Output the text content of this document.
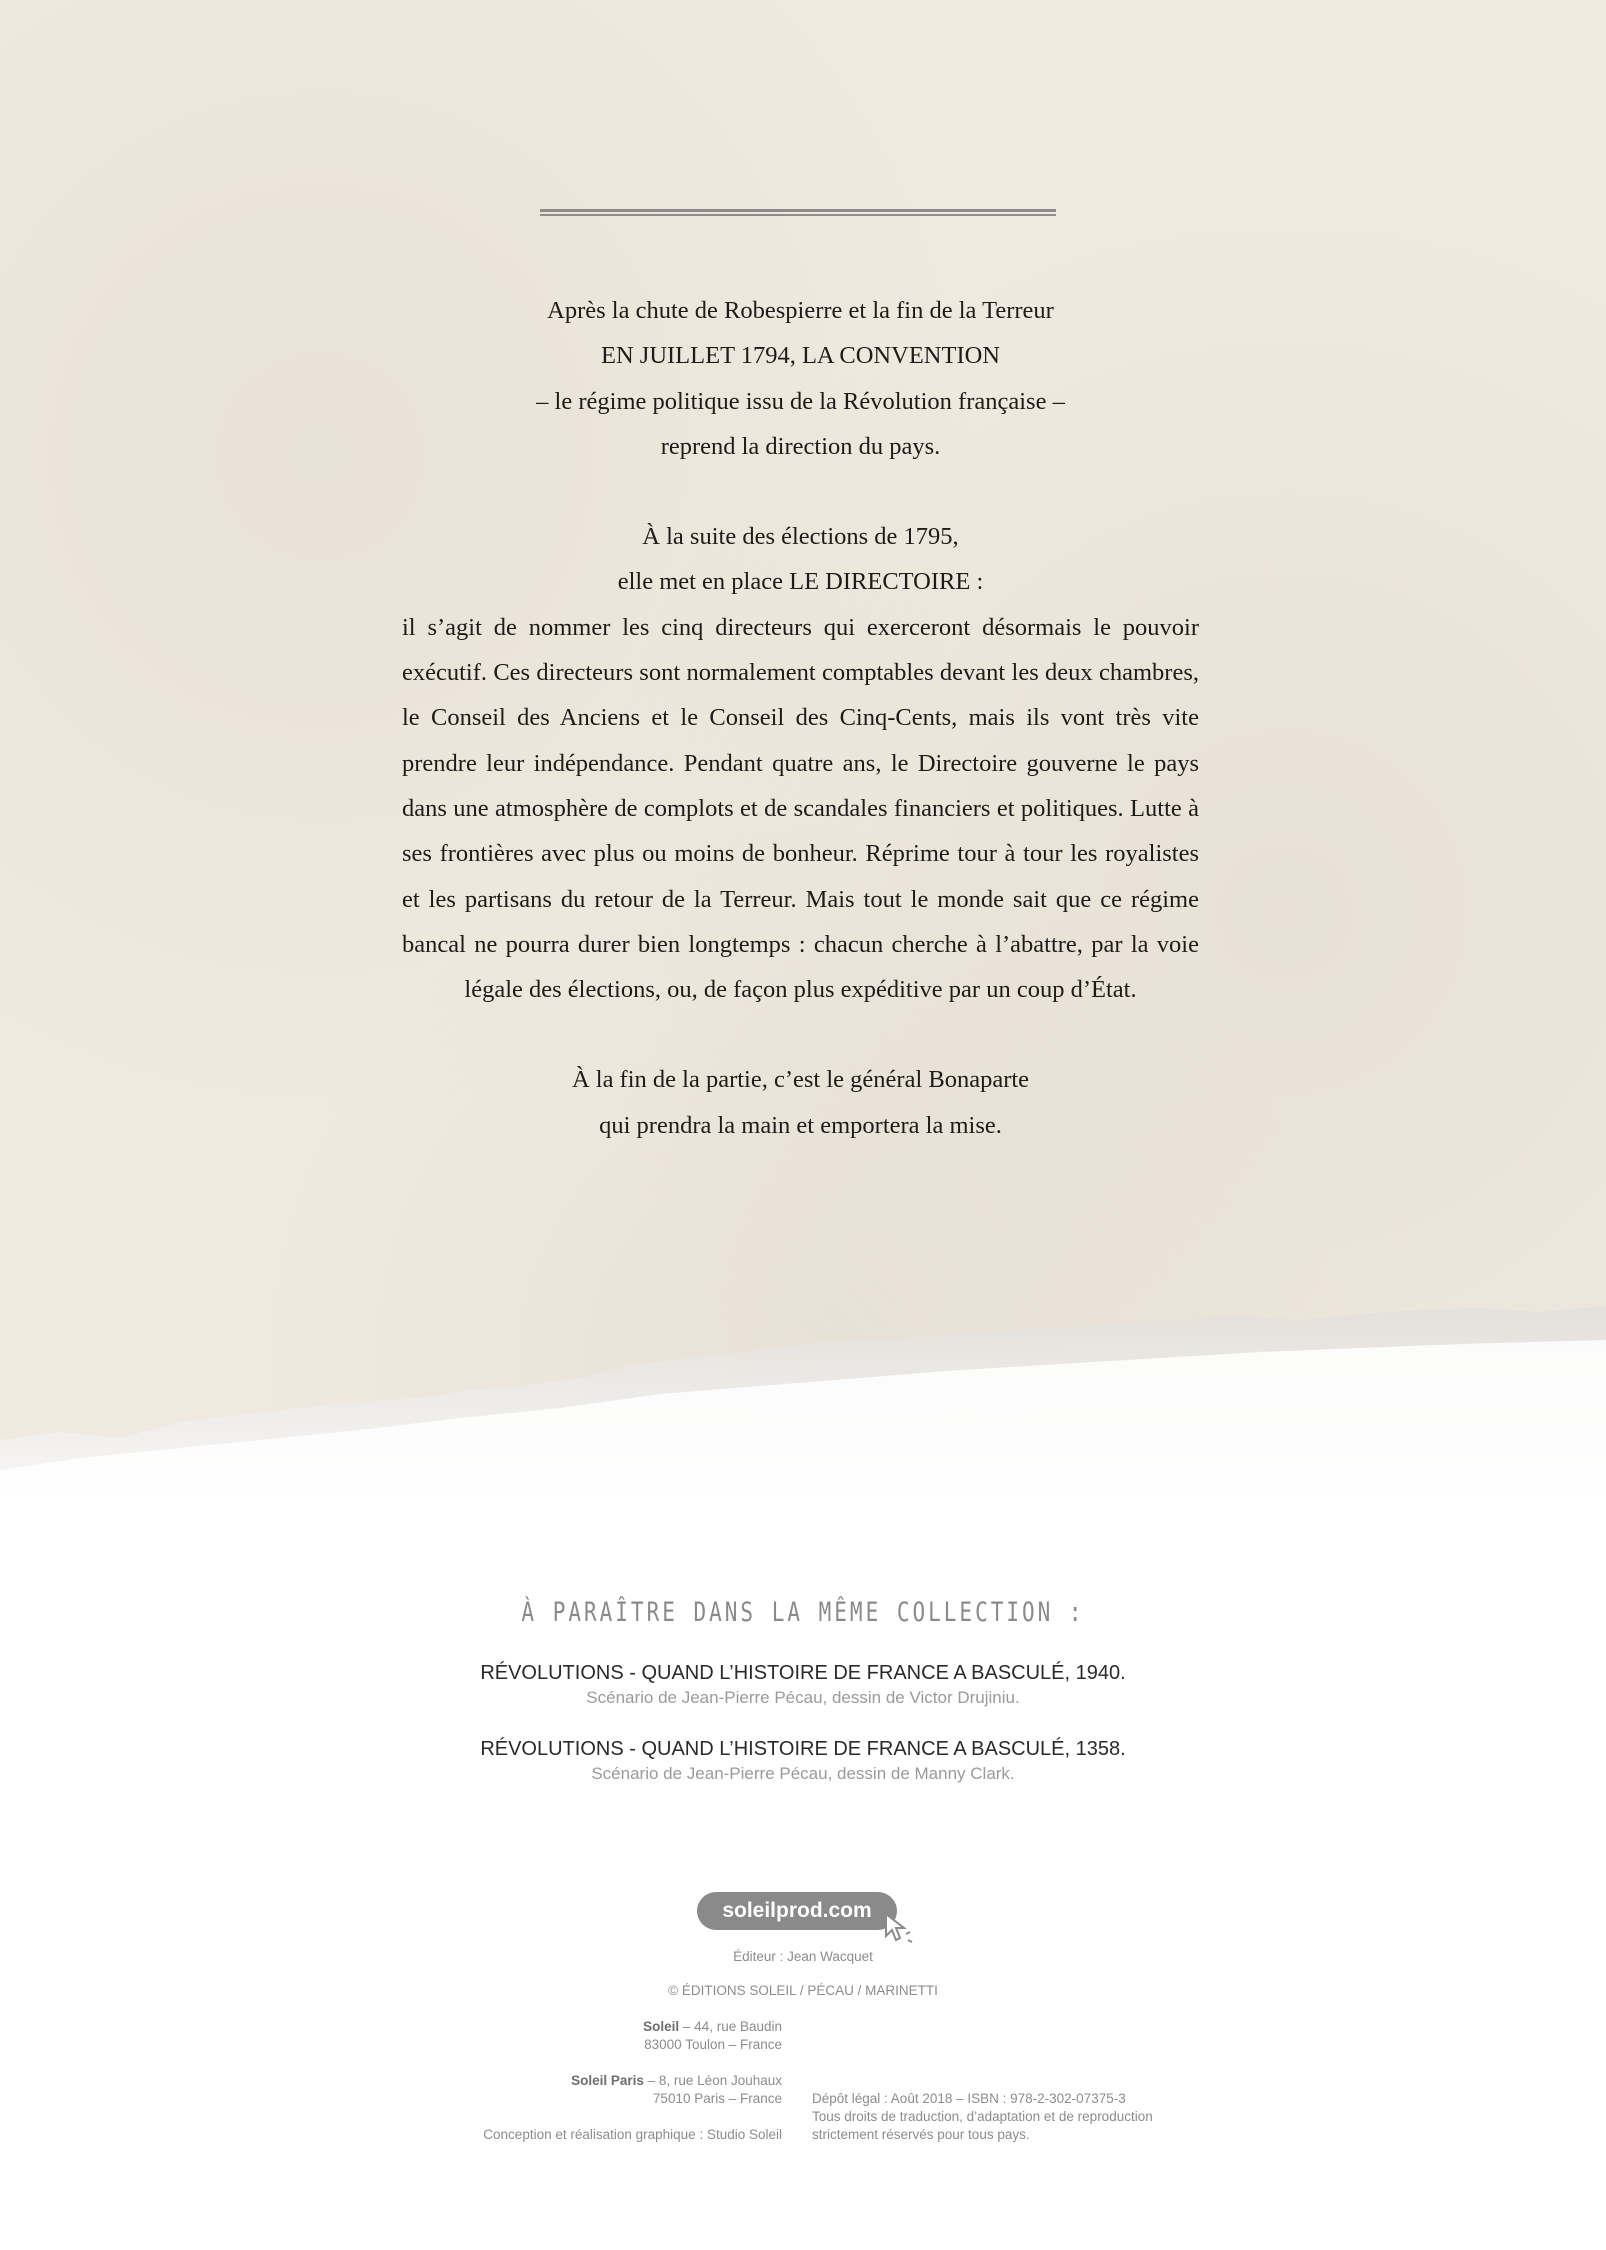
Après la chute de Robespierre et la fin de la Terreur

EN JUILLET 1794, LA CONVENTION

– le régime politique issu de la Révolution française –

reprend la direction du pays.

À la suite des élections de 1795,

elle met en place LE DIRECTOIRE :

il s’agit de nommer les cinq directeurs qui exerceront désormais le pouvoir exécutif. Ces directeurs sont normalement comptables devant les deux chambres, le Conseil des Anciens et le Conseil des Cinq-Cents, mais ils vont très vite prendre leur indépendance. Pendant quatre ans, le Directoire gouverne le pays dans une atmosphère de complots et de scandales financiers et politiques. Lutte à ses frontières avec plus ou moins de bonheur. Réprime tour à tour les royalistes et les partisans du retour de la Terreur. Mais tout le monde sait que ce régime bancal ne pourra durer bien longtemps : chacun cherche à l’abattre, par la voie légale des élections, ou, de façon plus expéditive par un coup d’État.

À la fin de la partie, c’est le général Bonaparte

qui prendra la main et emportera la mise.

À PARAÎTRE DANS LA MÊME COLLECTION :
RÉVOLUTIONS - QUAND L’HISTOIRE DE FRANCE A BASCULÉ, 1940.
Scénario de Jean-Pierre Pécau, dessin de Victor Drujiniu.
RÉVOLUTIONS - QUAND L’HISTOIRE DE FRANCE A BASCULÉ, 1358.
Scénario de Jean-Pierre Pécau, dessin de Manny Clark.
soleilprod.com
Éditeur : Jean Wacquet
© ÉDITIONS SOLEIL / PÉCAU / MARINETTI
Soleil – 44, rue Baudin
83000 Toulon – France
Soleil Paris – 8, rue Léon Jouhaux
75010 Paris – France
Conception et réalisation graphique : Studio Soleil
Dépôt légal : Août 2018 – ISBN : 978-2-302-07375-3
Tous droits de traduction, d’adaptation et de reproduction
strictement réservés pour tous pays.
